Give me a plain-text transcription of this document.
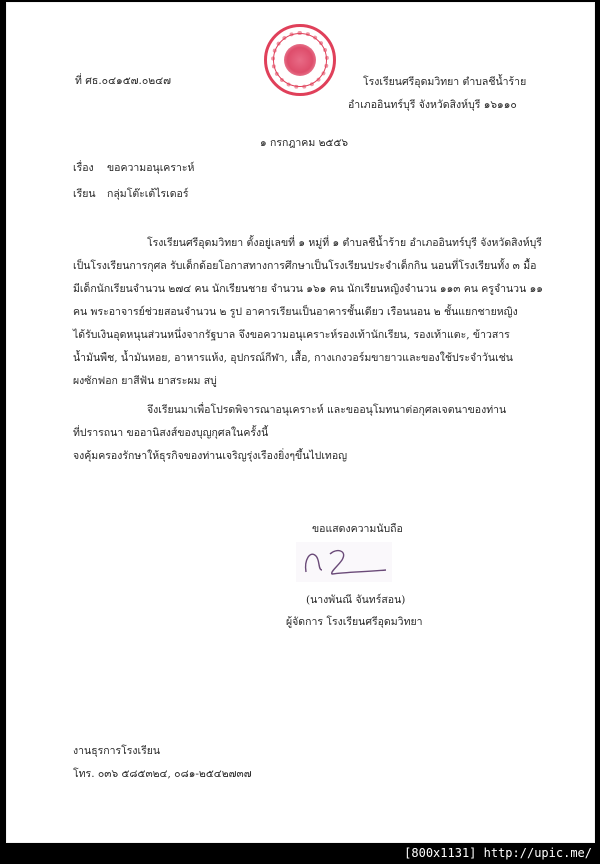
ที่ ศธ.๐๔๑๕๗.๐๒๔๗	โรงเรียนศรีอุดมวิทยา ตำบลชีน้ำร้าย
อำเภออินทร์บุรี จังหวัดสิงห์บุรี ๑๖๑๑๐
๑ กรกฎาคม ๒๕๕๖
เรื่อง ขอความอนุเคราะห์
เรียน กลุ่มโต๊ะเต้ไรเดอร์
โรงเรียนศรีอุดมวิทยา ตั้งอยู่เลขที่ ๑ หมู่ที่ ๑ ตำบลชีน้ำร้าย อำเภออินทร์บุรี จังหวัดสิงห์บุรี
เป็นโรงเรียนการกุศล รับเด็กด้อยโอกาสทางการศึกษาเป็นโรงเรียนประจำเด็กกิน นอนที่โรงเรียนทั้ง ๓ มื้อ
มีเด็กนักเรียนจำนวน ๒๗๔ คน นักเรียนชาย จำนวน ๑๖๑ คน นักเรียนหญิงจำนวน ๑๑๓ คน ครูจำนวน ๑๑
คน พระอาจารย์ช่วยสอนจำนวน ๒ รูป อาคารเรียนเป็นอาคารชั้นเดียว เรือนนอน ๒ ชั้นแยกชายหญิง
ได้รับเงินอุดหนุนส่วนหนึ่งจากรัฐบาล จึงขอความอนุเคราะห์รองเท้านักเรียน, รองเท้าแตะ, ข้าวสาร
น้ำมันพืช, น้ำมันหอย, อาหารแห้ง, อุปกรณ์กีฬา, เสื้อ, กางเกงวอร์มขายาวและของใช้ประจำวันเช่น
ผงซักฟอก ยาสีฟัน ยาสระผม สบู่
จึงเรียนมาเพื่อโปรดพิจารณาอนุเคราะห์ และขออนุโมทนาต่อกุศลเจตนาของท่าน
ที่ปรารถนา ขออานิสงส์ของบุญกุศลในครั้งนี้
จงคุ้มครองรักษาให้ธุรกิจของท่านเจริญรุ่งเรืองยิ่งๆขึ้นไปเทอญ
ขอแสดงความนับถือ
(นางพันณี จันทร์สอน)
ผู้จัดการ โรงเรียนศรีอุดมวิทยา
งานธุรการโรงเรียน
โทร. ๐๓๖ ๕๘๕๓๒๔, ๐๘๑-๒๕๔๒๗๓๗
[800x1131] http://upic.me/
